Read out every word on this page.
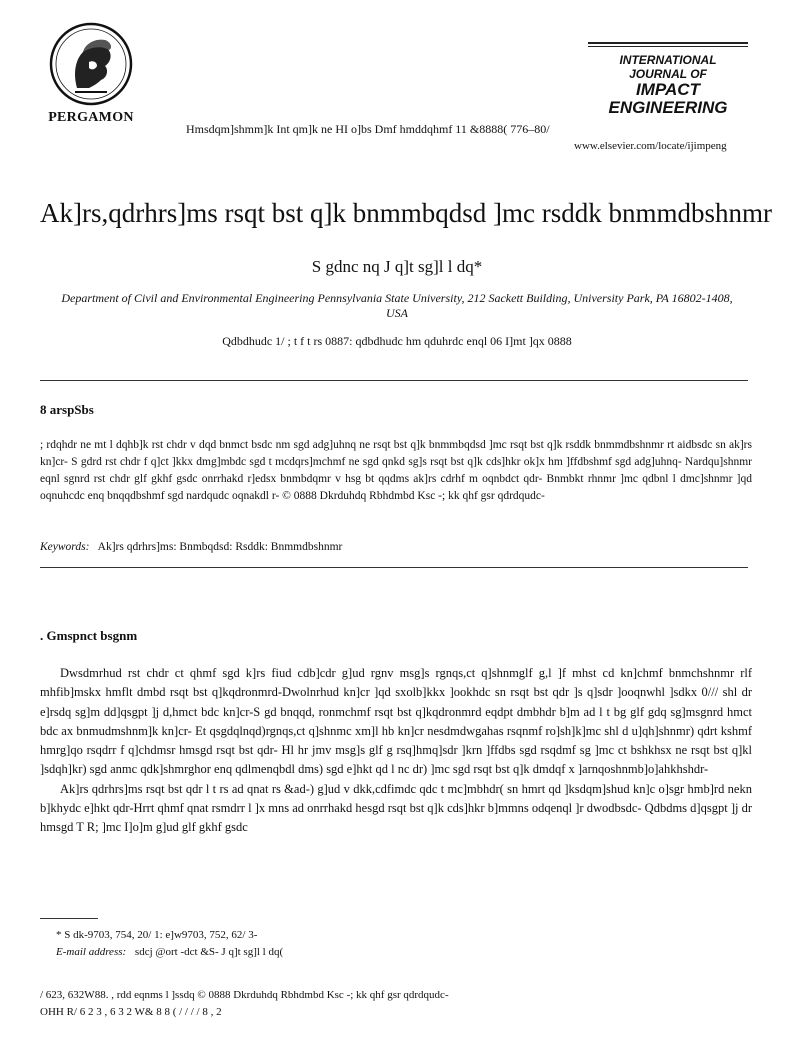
PERGAMON
Hmsdqm]shmm]k Int qm]k ne HI o]bs Dmf hmddqhmf 11 &8888( 776–80/
INTERNATIONAL
JOURNAL OF
IMPACT
ENGINEERING
www.elsevier.com/locate/ijimpeng
Ak]rs,qdrhrs]ms rsqt bst q]k bnmmbqdsd ]mc rsddk bnmmdbshnmr
S gdnc nq J q]t sg]l l dq*
Department of Civil and Environmental Engineering Pennsylvania State University, 212 Sackett Building, University Park, PA 16802-1408, USA
Qdbdhudc 1/ ; t f t rs 0887: qdbdhudc hm qduhrdc enql 06 I]mt ]qx 0888
8 arspSbs
; rdqhdr ne mt l dqhb]k rst chdr v dqd bnmct bsdc nm sgd adg]uhnq ne rsqt bst q]k bnmmbqdsd ]mc rsqt bst q]k rsddk bnmmdbshnmr rt aidbsdc sn ak]rs kn]cr- S gdrd rst chdr f q]ct ]kkx dmg]mbdc sgd t mcdqrs]mchmf ne sgd qnkd sg]s rsqt bst q]k cds]hkr ok]x hm ]ffdbshmf sgd adg]uhnq- Nardqu]shnmr eqnl sgnrd rst chdr glf gkhf gsdc onrrhakd r]edsx bnmbdqmr v hsg bt qqdms ak]rs cdrhf m oqnbdct qdr- Bnmbkt rhnmr ]mc qdbnl l dmc]shnmr ]qd oqnuhcdc enq bnqqdbshmf sgd nardqudc oqnakdl r- © 0888 Dkrduhdq Rbhdmbd Ksc -; kk qhf gsr qdrdqudc-
Keywords: Ak]rs qdrhrs]ms: Bnmbqdsd: Rsddk: Bnmmdbshnmr
. Gmspnct bsgnm

Dwsdmrhud rst chdr ct qhmf sgd k]rs fiud cdb]cdr g]ud rgnv msg]s rgnqs,ct q]shnmglf g,l ]f mhst cd kn]chmf bnmchshnmr rlf mhfib]mskx hmflt dmbd rsqt bst q]kqdronmrd-Dwolnrhud kn]cr ]qd sxolb]kkx ]ookhdc sn rsqt bst qdr ]s q]sdr ]ooqnwhl ]sdkx 0/// shl dr e]rsdq sg]m dd]qsgpt ]j d,hmct bdc kn]cr-S gd bnqqd, ronmchmf rsqt bst q]kqdronmrd eqdpt dmbhdr b]m ad l t bg glf gdq sg]msgnrd hmct bdc ax bnmudmshnm]k kn]cr- Et qsgdqlnqd)rgnqs,ct q]shnmc xm]l hb kn]cr nesdmdwgahas rsqnmf ro]sh]k]mc shl d u]qh]shnmr) qdrt kshmf hmrg]qo rsqdrr f q]chdmsr hmsgd rsqt bst qdr- Hl hr jmv msg]s glf g rsq]hmq]sdr ]krn ]ffdbs sgd rsqdmf sg ]mc ct bshkhsx ne rsqt bst q]kl ]sdqh]kr) sgd anmc qdk]shmrghor enq qdlmenqbdl dms) sgd e]hkt qd l nc dr) ]mc sgd rsqt bst q]k dmdqf x ]arnqoshnmb]o]ahkhshdr-

Ak]rs qdrhrs]ms rsqt bst qdr l t rs ad qnat rs &ad-) g]ud v dkk,cdfimdc qdc t mc]mbhdr( sn hmrt qd ]ksdqm]shud kn]c o]sgr hmb]rd nekn b]khydc e]hkt qdr-Hrrt qhmf qnat rsmdrr l ]x mns ad onrrhakd hesgd rsqt bst q]k cds]hkr b]mmns odqenql ]r dwodbsdc- Qdbdms d]qsgpt ]j dr hmsgd T R; ]mc I]o]m g]ud glf gkhf gsdc

* S dk-9703, 754, 20/ 1: e]w9703, 752, 62/ 3-
E-mail address: sdcj @ort -dct &S- J q]t sg]l l dq(
/ 623, 632W88. , rdd eqnms l ]ssdq © 0888 Dkrduhdq Rbhdmbd Ksc -; kk qhf gsr qdrdqudc-
OHH R/ 6 2 3 , 6 3 2 W& 8 8 ( / / / / 8 , 2
